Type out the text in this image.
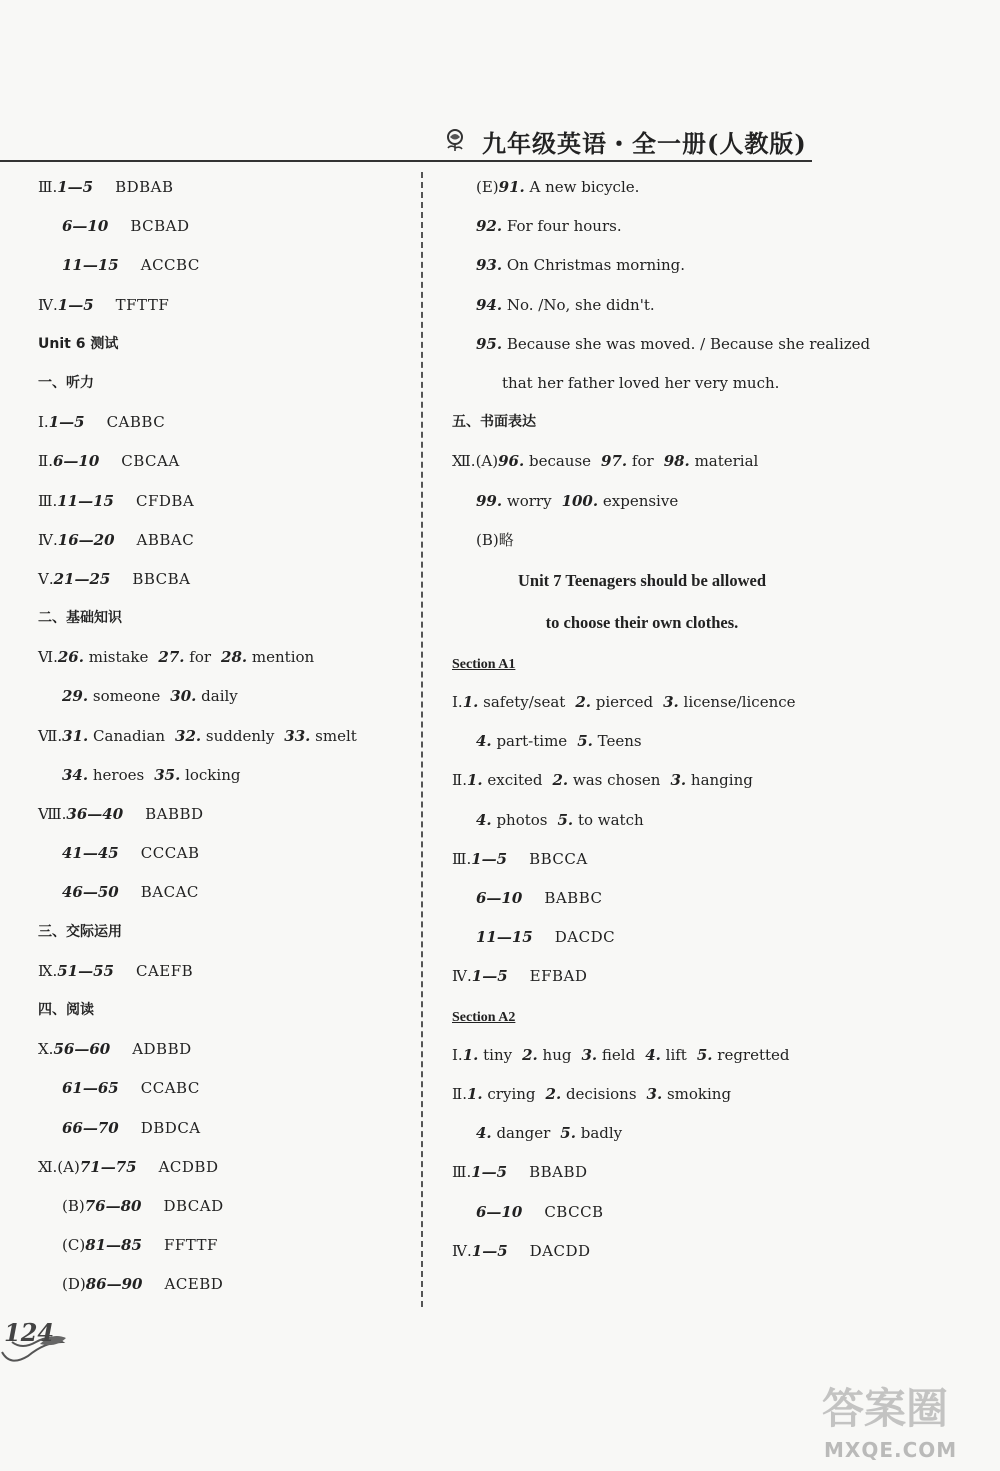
九年级英语・全一册(人教版)
Ⅲ.1—5 BDBAB
6—10 BCBAD
11—15 ACCBC
Ⅳ.1—5 TFTTF
Unit 6 测试
一、听力
Ⅰ.1—5 CABBC
Ⅱ.6—10 CBCAA
Ⅲ.11—15 CFDBA
Ⅳ.16—20 ABBAC
Ⅴ.21—25 BBCBA
二、基础知识
Ⅵ.26. mistake 27. for 28. mention
29. someone 30. daily
Ⅶ.31. Canadian 32. suddenly 33. smelt
34. heroes 35. locking
Ⅷ.36—40 BABBD
41—45 CCCAB
46—50 BACAC
三、交际运用
Ⅸ.51—55 CAEFB
四、阅读
Ⅹ.56—60 ADBBD
61—65 CCABC
66—70 DBDCA
Ⅺ.(A)71—75 ACDBD
(B)76—80 DBCAD
(C)81—85 FFTTF
(D)86—90 ACEBD
(E)91. A new bicycle.
92. For four hours.
93. On Christmas morning.
94. No. /No, she didn't.
95. Because she was moved. / Because she realized
that her father loved her very much.
五、书面表达
Ⅻ.(A)96. because 97. for 98. material
99. worry 100. expensive
(B)略
Unit 7 Teenagers should be allowed
to choose their own clothes.
Section A1
Ⅰ.1. safety/seat 2. pierced 3. license/licence
4. part-time 5. Teens
Ⅱ.1. excited 2. was chosen 3. hanging
4. photos 5. to watch
Ⅲ.1—5 BBCCA
6—10 BABBC
11—15 DACDC
Ⅳ.1—5 EFBAD
Section A2
Ⅰ.1. tiny 2. hug 3. field 4. lift 5. regretted
Ⅱ.1. crying 2. decisions 3. smoking
4. danger 5. badly
Ⅲ.1—5 BBABD
6—10 CBCCB
Ⅳ.1—5 DACDD
124
答案圈
MXQE.COM
